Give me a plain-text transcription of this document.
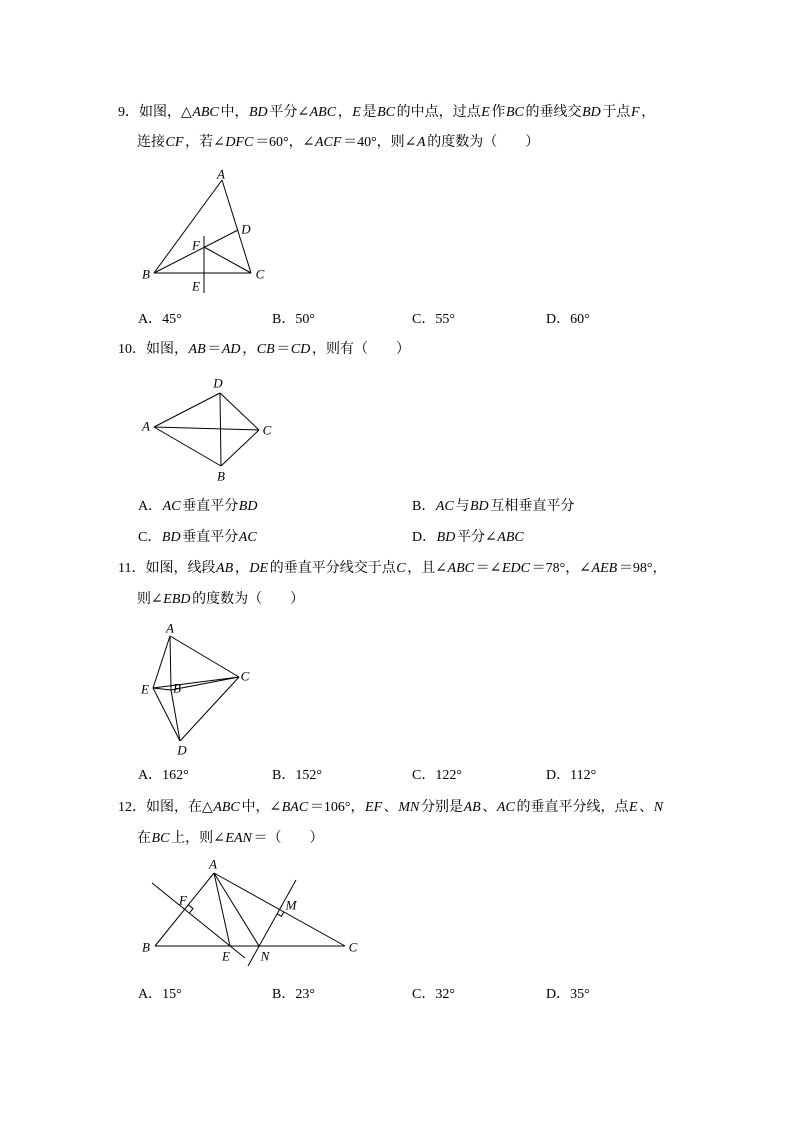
9．如图，△ABC 中，BD 平分∠ABC ，E 是BC 的中点，过点E 作BC 的垂线交BD 于点F ，
连接CF ，若∠DFC ＝60°，∠ACF ＝40°，则∠A 的度数为（　　）
A
D
F
B	C
E
A．45°	B．50°	C．55°	D．60°
10．如图，AB ＝AD ，CB ＝CD ，则有（　　）
D
A	C
B
A．AC 垂直平分BD	B．AC 与BD 互相垂直平分
C．BD 垂直平分AC	D．BD 平分∠ABC
11．如图，线段AB ，DE 的垂直平分线交于点C ，且∠ABC ＝∠EDC ＝78°，∠AEB ＝98°，
则∠EBD 的度数为（　　）
A
E B
C
D
A．162°	B．152°	C．122°	D．112°
12．如图，在△ABC 中，∠BAC ＝106°，EF 、MN 分别是AB 、AC 的垂直平分线，点E 、N
在BC 上，则∠EAN ＝（　　）
A
F	M
B
E N
C
A．15°	B．23°	C．32°	D．35°
